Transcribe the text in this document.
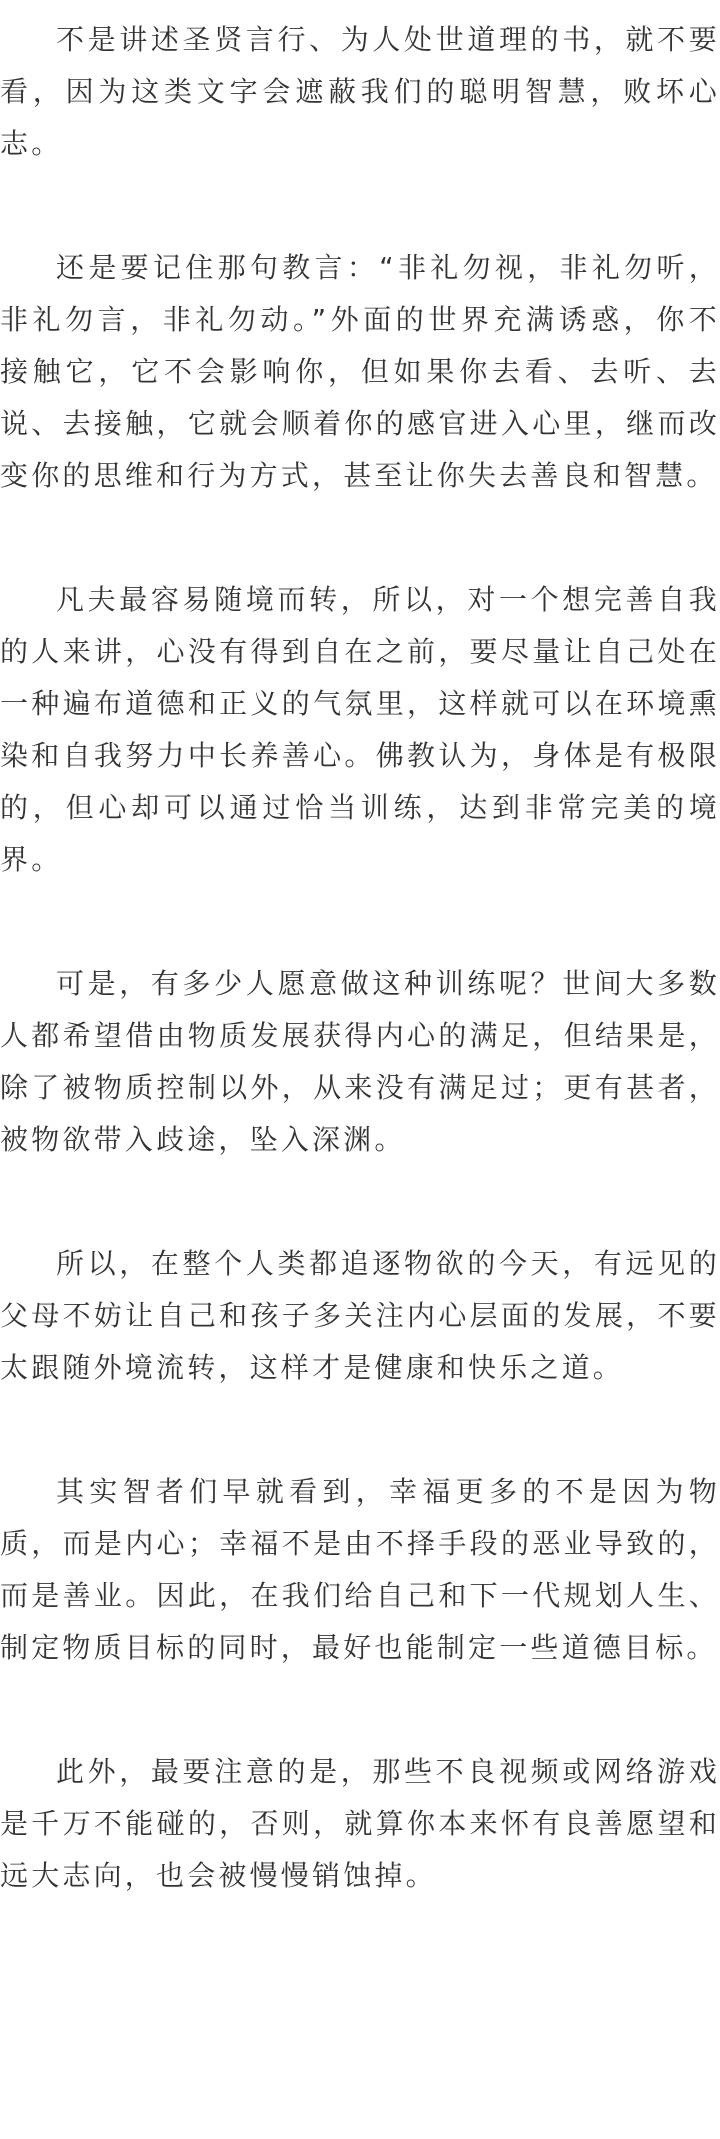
不是讲述圣贤言行、为人处世道理的书，就不要看，因为这类文字会遮蔽我们的聪明智慧，败坏心志。

还是要记住那句教言：“非礼勿视，非礼勿听，非礼勿言，非礼勿动。”外面的世界充满诱惑，你不接触它，它不会影响你，但如果你去看、去听、去说、去接触，它就会顺着你的感官进入心里，继而改变你的思维和行为方式，甚至让你失去善良和智慧。

凡夫最容易随境而转，所以，对一个想完善自我的人来讲，心没有得到自在之前，要尽量让自己处在一种遍布道德和正义的气氛里，这样就可以在环境熏染和自我努力中长养善心。佛教认为，身体是有极限的，但心却可以通过恰当训练，达到非常完美的境界。

可是，有多少人愿意做这种训练呢？世间大多数人都希望借由物质发展获得内心的满足，但结果是，除了被物质控制以外，从来没有满足过；更有甚者，被物欲带入歧途，坠入深渊。

所以，在整个人类都追逐物欲的今天，有远见的父母不妨让自己和孩子多关注内心层面的发展，不要太跟随外境流转，这样才是健康和快乐之道。

其实智者们早就看到，幸福更多的不是因为物质，而是内心；幸福不是由不择手段的恶业导致的，而是善业。因此，在我们给自己和下一代规划人生、制定物质目标的同时，最好也能制定一些道德目标。

此外，最要注意的是，那些不良视频或网络游戏是千万不能碰的，否则，就算你本来怀有良善愿望和远大志向，也会被慢慢销蚀掉。
